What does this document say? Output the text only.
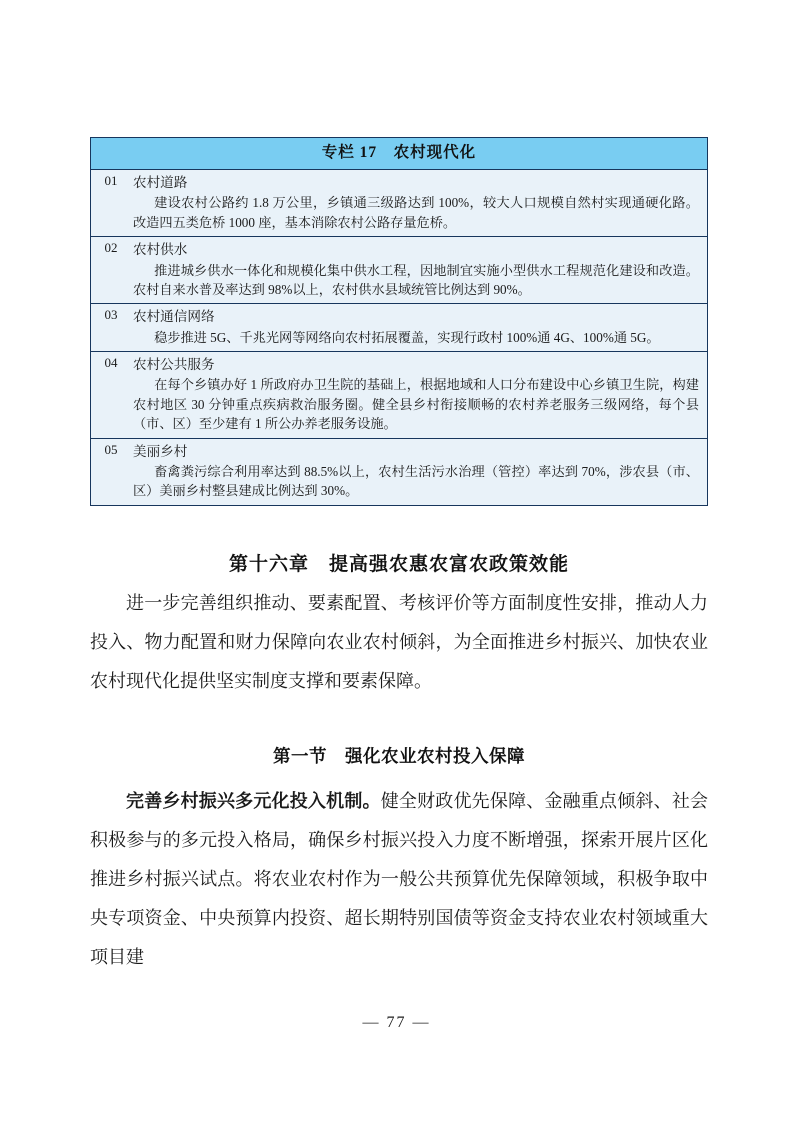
专栏 17　农村现代化
01	农村道路
建设农村公路约 1.8 万公里，乡镇通三级路达到 100%，较大人口规模自然村实现通硬化路。改造四五类危桥 1000 座，基本消除农村公路存量危桥。
02	农村供水
推进城乡供水一体化和规模化集中供水工程，因地制宜实施小型供水工程规范化建设和改造。农村自来水普及率达到 98%以上，农村供水县域统管比例达到 90%。
03	农村通信网络
稳步推进 5G、千兆光网等网络向农村拓展覆盖，实现行政村 100%通 4G、100%通 5G。
04	农村公共服务
在每个乡镇办好 1 所政府办卫生院的基础上，根据地域和人口分布建设中心乡镇卫生院，构建农村地区 30 分钟重点疾病救治服务圈。健全县乡村衔接顺畅的农村养老服务三级网络，每个县（市、区）至少建有 1 所公办养老服务设施。
05	美丽乡村
畜禽粪污综合利用率达到 88.5%以上，农村生活污水治理（管控）率达到 70%，涉农县（市、区）美丽乡村整县建成比例达到 30%。
第十六章　提高强农惠农富农政策效能
进一步完善组织推动、要素配置、考核评价等方面制度性安排，推动人力投入、物力配置和财力保障向农业农村倾斜，为全面推进乡村振兴、加快农业农村现代化提供坚实制度支撑和要素保障。
第一节　强化农业农村投入保障
完善乡村振兴多元化投入机制。健全财政优先保障、金融重点倾斜、社会积极参与的多元投入格局，确保乡村振兴投入力度不断增强，探索开展片区化推进乡村振兴试点。将农业农村作为一般公共预算优先保障领域，积极争取中央专项资金、中央预算内投资、超长期特别国债等资金支持农业农村领域重大项目建
— 77 —
